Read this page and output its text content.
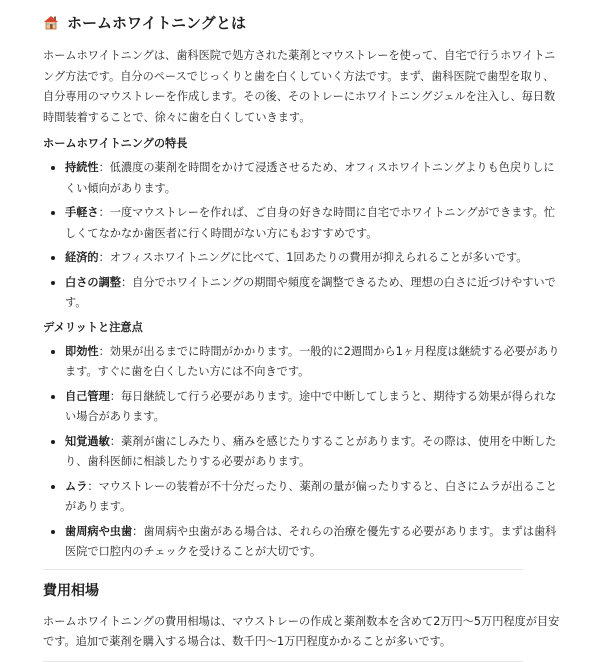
ホームホワイトニングとは

ホームホワイトニングは、歯科医院で処方された薬剤とマウストレーを使って、自宅で行うホワイトニング方法です。自分のペースでじっくりと歯を白くしていく方法です。まず、歯科医院で歯型を取り、自分専用のマウストレーを作成します。その後、そのトレーにホワイトニングジェルを注入し、毎日数時間装着することで、徐々に歯を白くしていきます。

ホームホワイトニングの特長
持続性：低濃度の薬剤を時間をかけて浸透させるため、オフィスホワイトニングよりも色戻りしにくい傾向があります。
手軽さ：一度マウストレーを作れば、ご自身の好きな時間に自宅でホワイトニングができます。忙しくてなかなか歯医者に行く時間がない方にもおすすめです。
経済的：オフィスホワイトニングに比べて、1回あたりの費用が抑えられることが多いです。
白さの調整：自分でホワイトニングの期間や頻度を調整できるため、理想の白さに近づけやすいです。
デメリットと注意点
即効性：効果が出るまでに時間がかかります。一般的に2週間から1ヶ月程度は継続する必要があります。すぐに歯を白くしたい方には不向きです。
自己管理：毎日継続して行う必要があります。途中で中断してしまうと、期待する効果が得られない場合があります。
知覚過敏：薬剤が歯にしみたり、痛みを感じたりすることがあります。その際は、使用を中断したり、歯科医師に相談したりする必要があります。
ムラ：マウストレーの装着が不十分だったり、薬剤の量が偏ったりすると、白さにムラが出ることがあります。
歯周病や虫歯：歯周病や虫歯がある場合は、それらの治療を優先する必要があります。まずは歯科医院で口腔内のチェックを受けることが大切です。
費用相場

ホームホワイトニングの費用相場は、マウストレーの作成と薬剤数本を含めて2万円〜5万円程度が目安です。追加で薬剤を購入する場合は、数千円〜1万円程度かかることが多いです。
